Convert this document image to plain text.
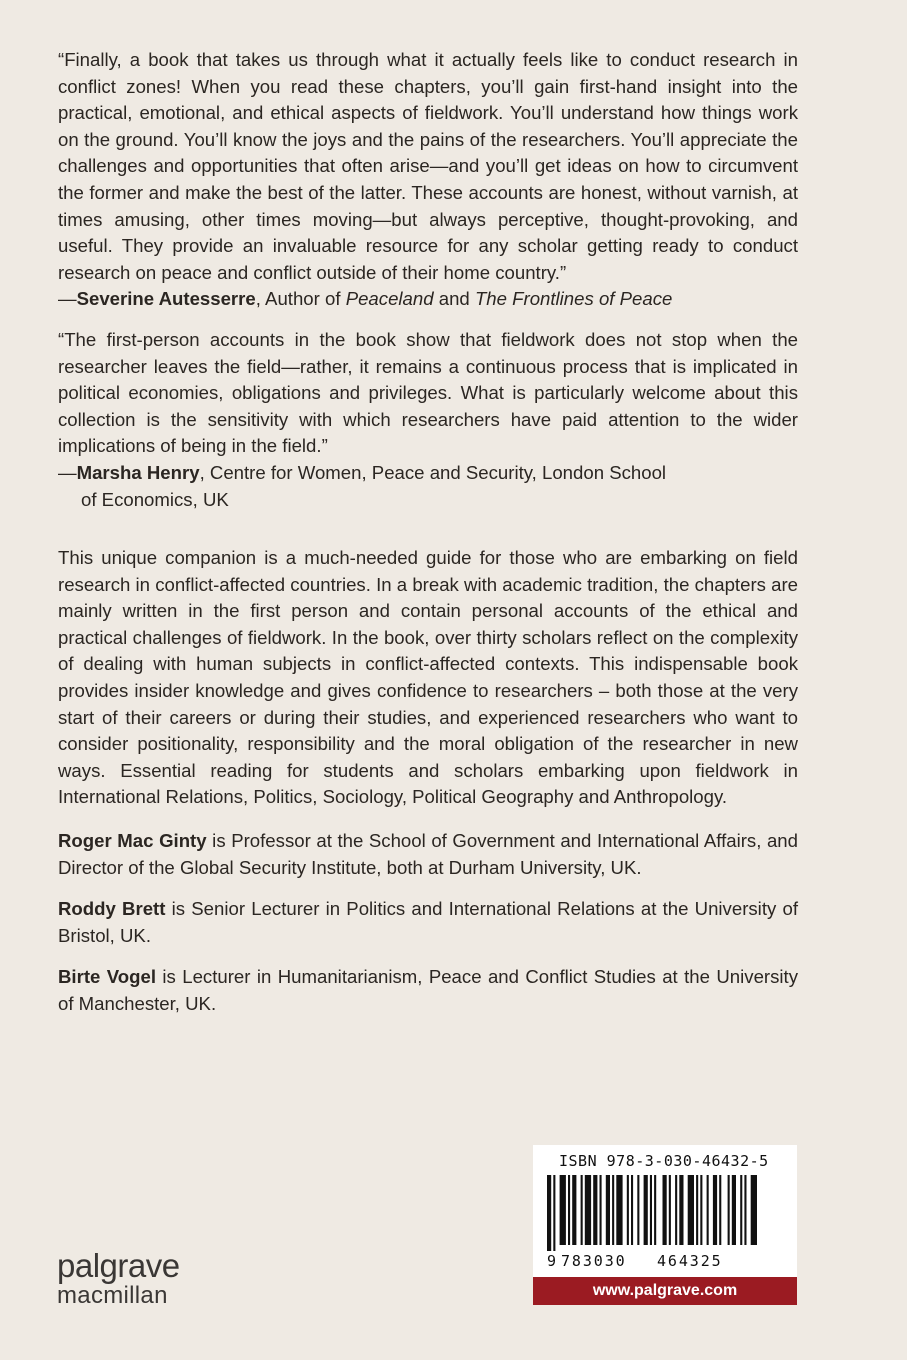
“Finally, a book that takes us through what it actually feels like to conduct research in conflict zones! When you read these chapters, you’ll gain first-hand insight into the practical, emotional, and ethical aspects of fieldwork. You’ll understand how things work on the ground. You’ll know the joys and the pains of the researchers. You’ll appreciate the challenges and opportunities that often arise—and you’ll get ideas on how to circumvent the former and make the best of the latter. These accounts are honest, without varnish, at times amusing, other times moving—but always perceptive, thought-provoking, and useful. They provide an invaluable resource for any scholar getting ready to conduct research on peace and conflict outside of their home country.”

—Severine Autesserre, Author of Peaceland and The Frontlines of Peace

“The first-person accounts in the book show that fieldwork does not stop when the researcher leaves the field—rather, it remains a continuous process that is implicated in political economies, obligations and privileges. What is particularly welcome about this collection is the sensitivity with which researchers have paid attention to the wider implications of being in the field.”

—Marsha Henry, Centre for Women, Peace and Security, London School
of Economics, UK

This unique companion is a much-needed guide for those who are embarking on field research in conflict-affected countries. In a break with academic tradition, the chapters are mainly written in the first person and contain personal accounts of the ethical and practical challenges of fieldwork. In the book, over thirty scholars reflect on the complexity of dealing with human subjects in conflict-affected contexts. This indispensable book provides insider knowledge and gives confidence to researchers – both those at the very start of their careers or during their studies, and experienced researchers who want to consider positionality, responsibility and the moral obligation of the researcher in new ways. Essential reading for students and scholars embarking upon fieldwork in International Relations, Politics, Sociology, Political Geography and Anthropology.

Roger Mac Ginty is Professor at the School of Government and International Affairs, and Director of the Global Security Institute, both at Durham University, UK.

Roddy Brett is Senior Lecturer in Politics and International Relations at the University of Bristol, UK.

Birte Vogel is Lecturer in Humanitarianism, Peace and Conflict Studies at the University of Manchester, UK.

ISBN 978-3-030-46432-5
9 783030 464325
www.palgrave.com
palgrave
macmillan
